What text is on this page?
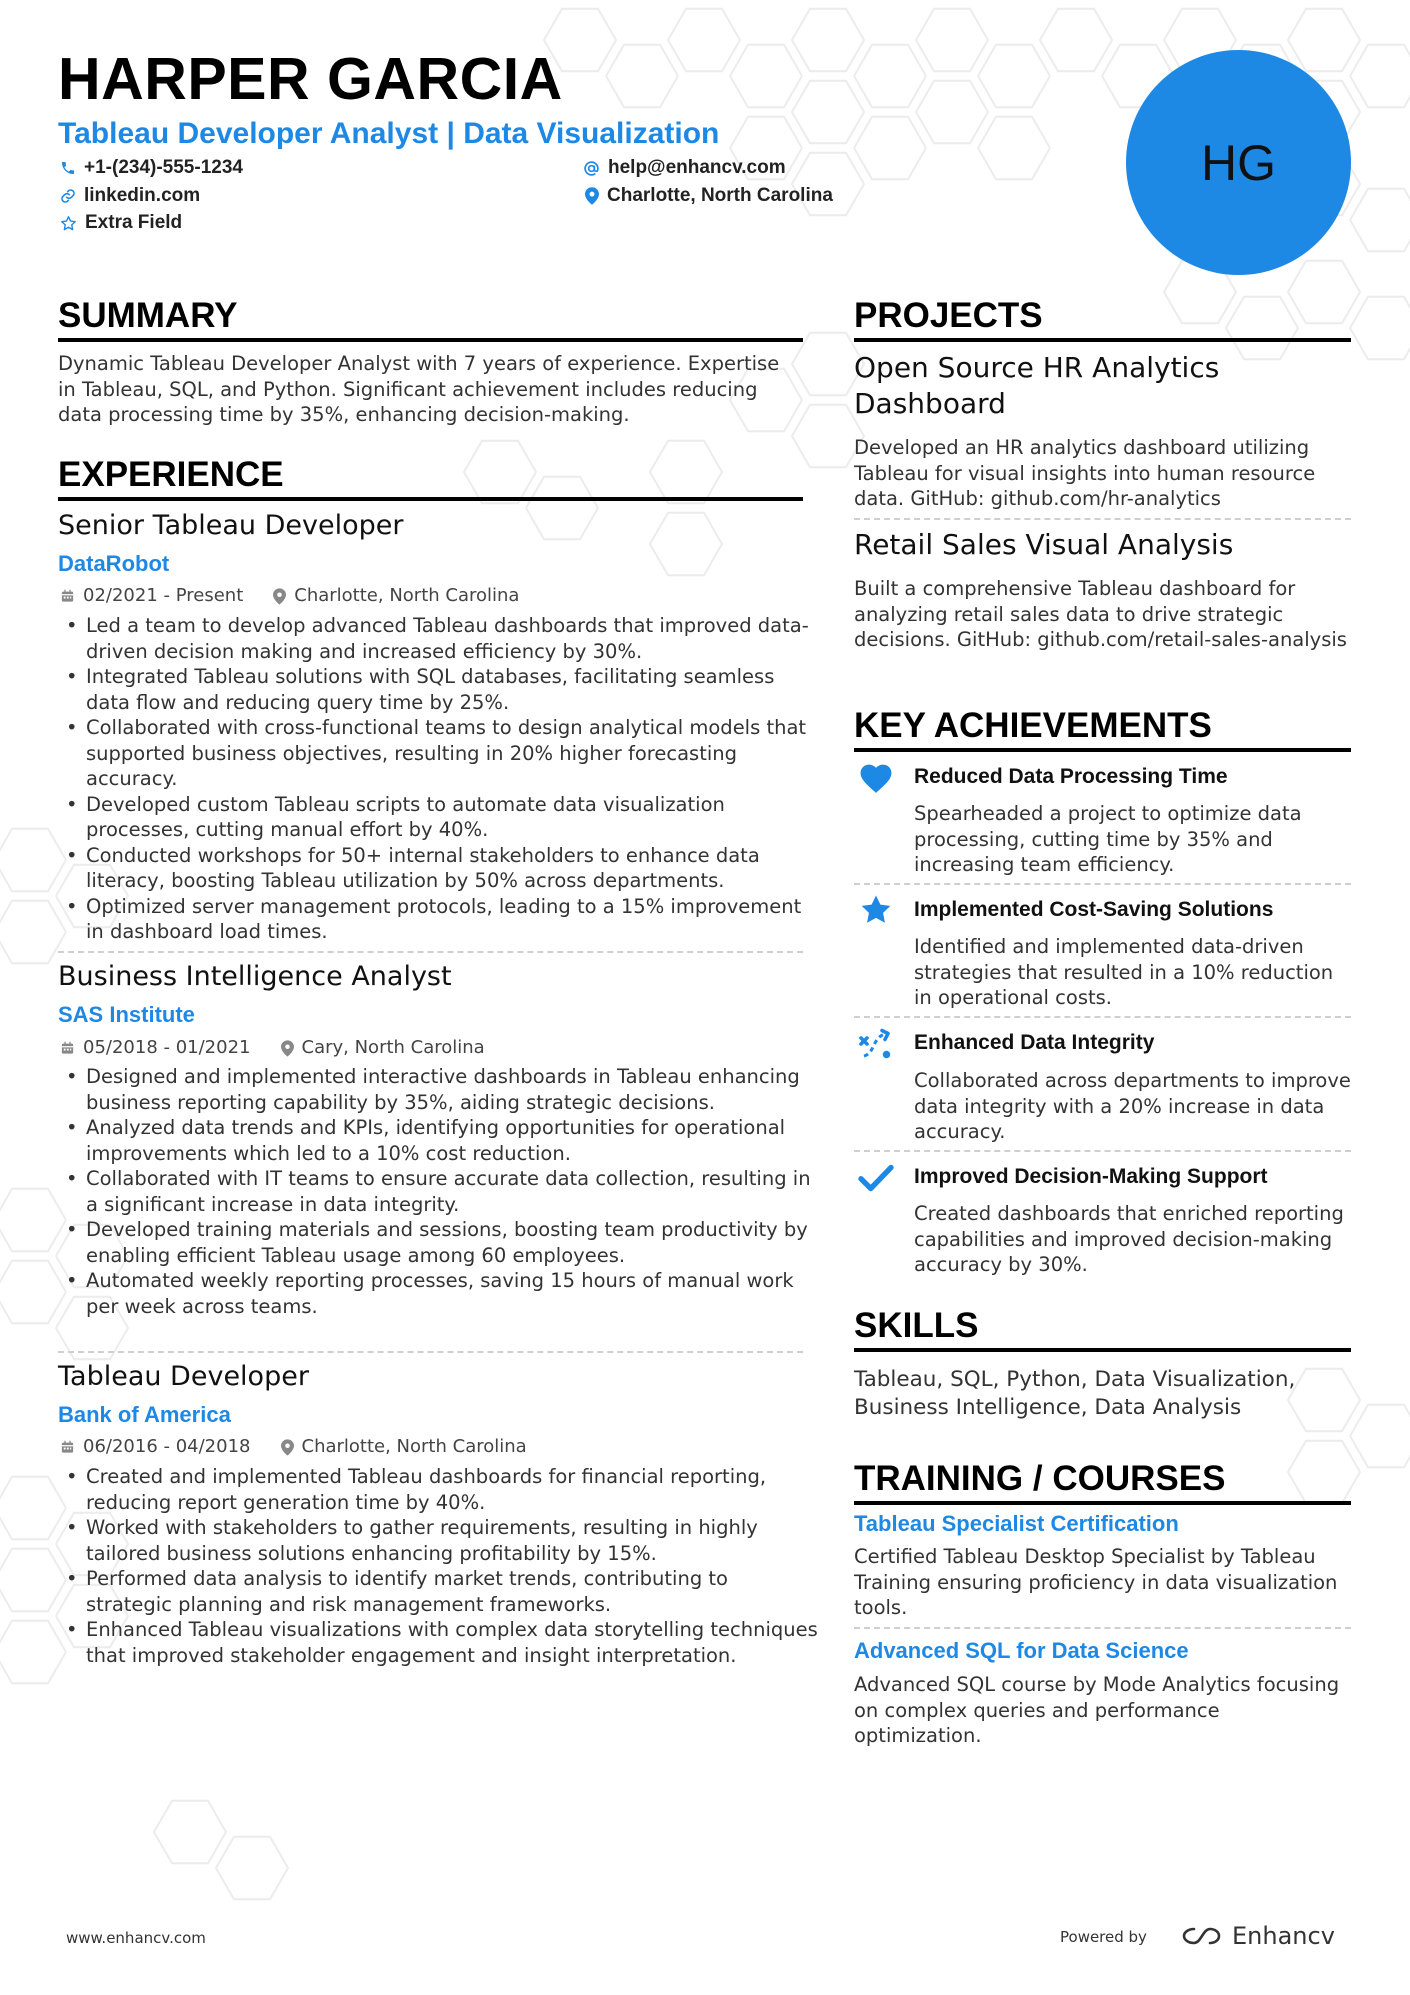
HARPER GARCIA
Tableau Developer Analyst | Data Visualization
+1-(234)-555-1234	help@enhancv.com
linkedin.com	Charlotte, North Carolina
Extra Field
HG
SUMMARY

Dynamic Tableau Developer Analyst with 7 years of experience. Expertise in Tableau, SQL, and Python. Significant achievement includes reducing data processing time by 35%, enhancing decision-making.

EXPERIENCE
Senior Tableau Developer
DataRobot
02/2021 - Present	Charlotte, North Carolina
• Led a team to develop advanced Tableau dashboards that improved data-driven decision making and increased efficiency by 30%.
• Integrated Tableau solutions with SQL databases, facilitating seamless data flow and reducing query time by 25%.
• Collaborated with cross-functional teams to design analytical models that supported business objectives, resulting in 20% higher forecasting accuracy.
• Developed custom Tableau scripts to automate data visualization processes, cutting manual effort by 40%.
• Conducted workshops for 50+ internal stakeholders to enhance data literacy, boosting Tableau utilization by 50% across departments.
• Optimized server management protocols, leading to a 15% improvement in dashboard load times.
Business Intelligence Analyst
SAS Institute
05/2018 - 01/2021	Cary, North Carolina
• Designed and implemented interactive dashboards in Tableau enhancing business reporting capability by 35%, aiding strategic decisions.
• Analyzed data trends and KPIs, identifying opportunities for operational improvements which led to a 10% cost reduction.
• Collaborated with IT teams to ensure accurate data collection, resulting in a significant increase in data integrity.
• Developed training materials and sessions, boosting team productivity by enabling efficient Tableau usage among 60 employees.
• Automated weekly reporting processes, saving 15 hours of manual work per week across teams.
Tableau Developer
Bank of America
06/2016 - 04/2018	Charlotte, North Carolina
• Created and implemented Tableau dashboards for financial reporting, reducing report generation time by 40%.
• Worked with stakeholders to gather requirements, resulting in highly tailored business solutions enhancing profitability by 15%.
• Performed data analysis to identify market trends, contributing to strategic planning and risk management frameworks.
• Enhanced Tableau visualizations with complex data storytelling techniques that improved stakeholder engagement and insight interpretation.
PROJECTS
Open Source HR Analytics Dashboard

Developed an HR analytics dashboard utilizing Tableau for visual insights into human resource data. GitHub: github.com/hr-analytics

Retail Sales Visual Analysis

Built a comprehensive Tableau dashboard for analyzing retail sales data to drive strategic decisions. GitHub: github.com/retail-sales-analysis

KEY ACHIEVEMENTS
Reduced Data Processing Time

Spearheaded a project to optimize data processing, cutting time by 35% and increasing team efficiency.

Implemented Cost-Saving Solutions

Identified and implemented data-driven strategies that resulted in a 10% reduction in operational costs.

Enhanced Data Integrity

Collaborated across departments to improve data integrity with a 20% increase in data accuracy.

Improved Decision-Making Support

Created dashboards that enriched reporting capabilities and improved decision-making accuracy by 30%.

SKILLS

Tableau, SQL, Python, Data Visualization, Business Intelligence, Data Analysis

TRAINING / COURSES
Tableau Specialist Certification

Certified Tableau Desktop Specialist by Tableau Training ensuring proficiency in data visualization tools.

Advanced SQL for Data Science

Advanced SQL course by Mode Analytics focusing on complex queries and performance optimization.

www.enhancv.com	Powered by	Enhancv
